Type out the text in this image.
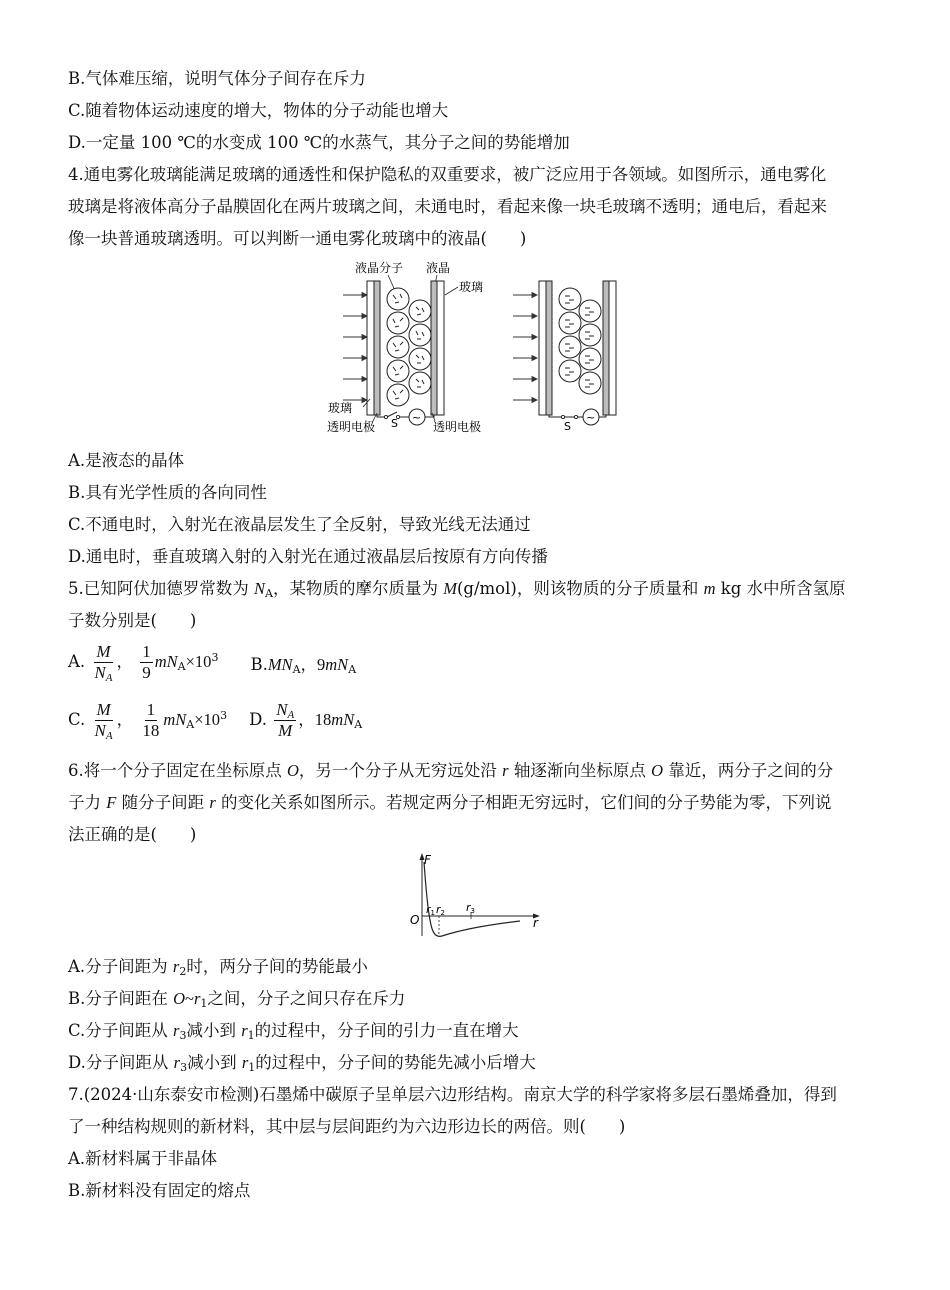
B.气体难压缩，说明气体分子间存在斥力
C.随着物体运动速度的增大，物体的分子动能也增大
D.一定量 100 ℃的水变成 100 ℃的水蒸气，其分子之间的势能增加
4.通电雾化玻璃能满足玻璃的通透性和保护隐私的双重要求，被广泛应用于各领域。如图所示，通电雾化
玻璃是将液体高分子晶膜固化在两片玻璃之间，未通电时，看起来像一块毛玻璃不透明；通电后，看起来
像一块普通玻璃透明。可以判断一通电雾化玻璃中的液晶(　　)
液晶分子 液晶
玻璃
~
玻璃
透明电极 S	透明电极
~
S
A.是液态的晶体
B.具有光学性质的各向同性
C.不通电时，入射光在液晶层发生了全反射，导致光线无法通过
D.通电时，垂直玻璃入射的入射光在通过液晶层后按原有方向传播
5.已知阿伏加德罗常数为 $N_A$，某物质的摩尔质量为 M(g/mol)，则该物质的分子质量和 m kg 水中所含氢原
子数分别是(　　)
A. $\frac{M}{N_A}$ ， $\frac{1}{9} mN_A\times 10^3$ $B.MN_A$，$9mN_A$
C. $\frac{M}{N_A}$ ， $\frac{1}{18} mN_A\times 10^3$ D. $\frac{N_A}{M}$ ，$18mN_A$
6.将一个分子固定在坐标原点 O，另一个分子从无穷远处沿 r 轴逐渐向坐标原点 O 靠近，两分子之间的分
子力 F 随分子间距 r 的变化关系如图所示。若规定两分子相距无穷远时，它们间的分子势能为零，下列说
法正确的是(　　)
F
r
O
r1 r2 r3
A.分子间距为 $r_2$时，两分子间的势能最小
B.分子间距在 $O\sim r_1$之间，分子之间只存在斥力
C.分子间距从 $r_3$减小到 $r_1$的过程中，分子间的引力一直在增大
D.分子间距从 $r_3$减小到 $r_1$的过程中，分子间的势能先减小后增大
7.(2024·山东泰安市检测)石墨烯中碳原子呈单层六边形结构。南京大学的科学家将多层石墨烯叠加，得到
了一种结构规则的新材料，其中层与层间距约为六边形边长的两倍。则(　　)
A.新材料属于非晶体
B.新材料没有固定的熔点
